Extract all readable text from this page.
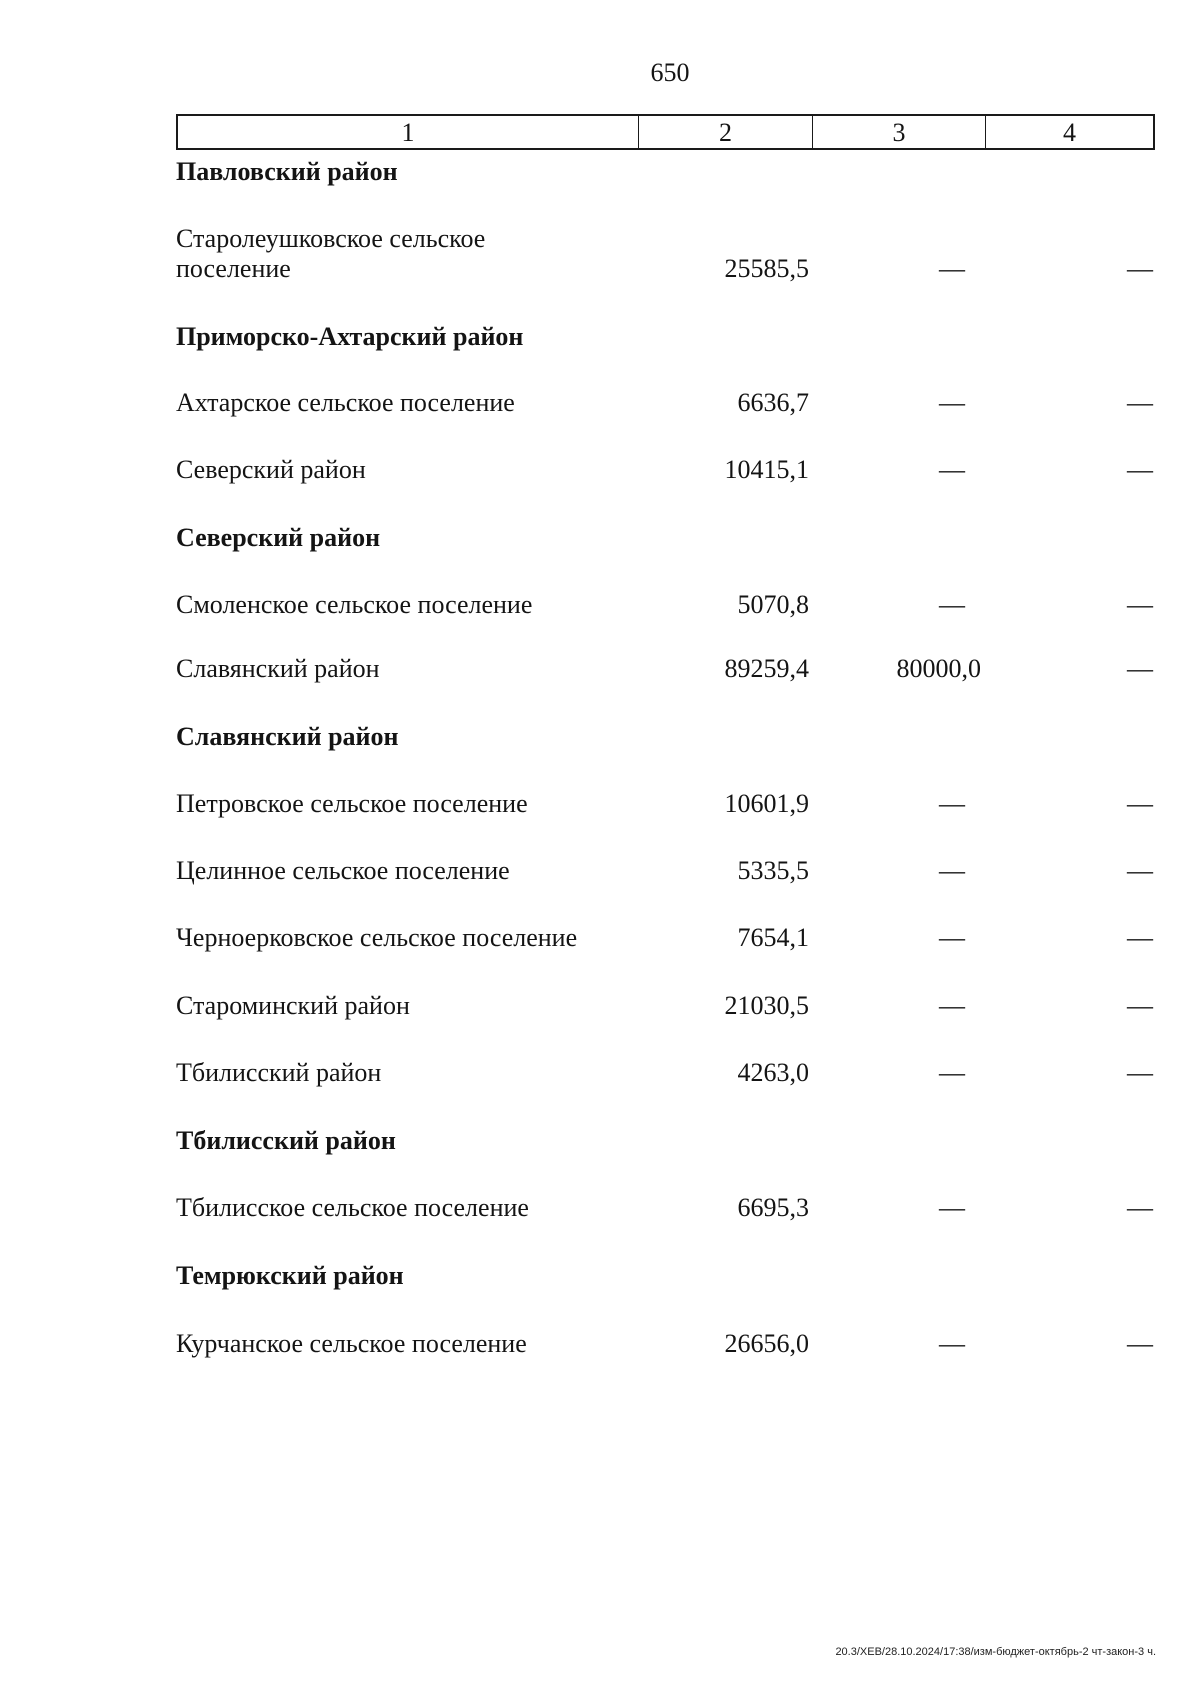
650
1	2	3	4
Павловский район
Старолеушковское сельское
поселение	25585,5	—	—
Приморско-Ахтарский район
Ахтарское сельское поселение	6636,7	—	—
Северский район	10415,1	—	—
Северский район
Смоленское сельское поселение	5070,8	—	—
Славянский район	89259,4	80000,0	—
Славянский район
Петровское сельское поселение	10601,9	—	—
Целинное сельское поселение	5335,5	—	—
Черноерковское сельское поселение	7654,1	—	—
Староминский район	21030,5	—	—
Тбилисский район	4263,0	—	—
Тбилисский район
Тбилисское сельское поселение	6695,3	—	—
Темрюкский район
Курчанское сельское поселение	26656,0	—	—
20.3/ХЕВ/28.10.2024/17:38/изм-бюджет-октябрь-2 чт-закон-3 ч.
